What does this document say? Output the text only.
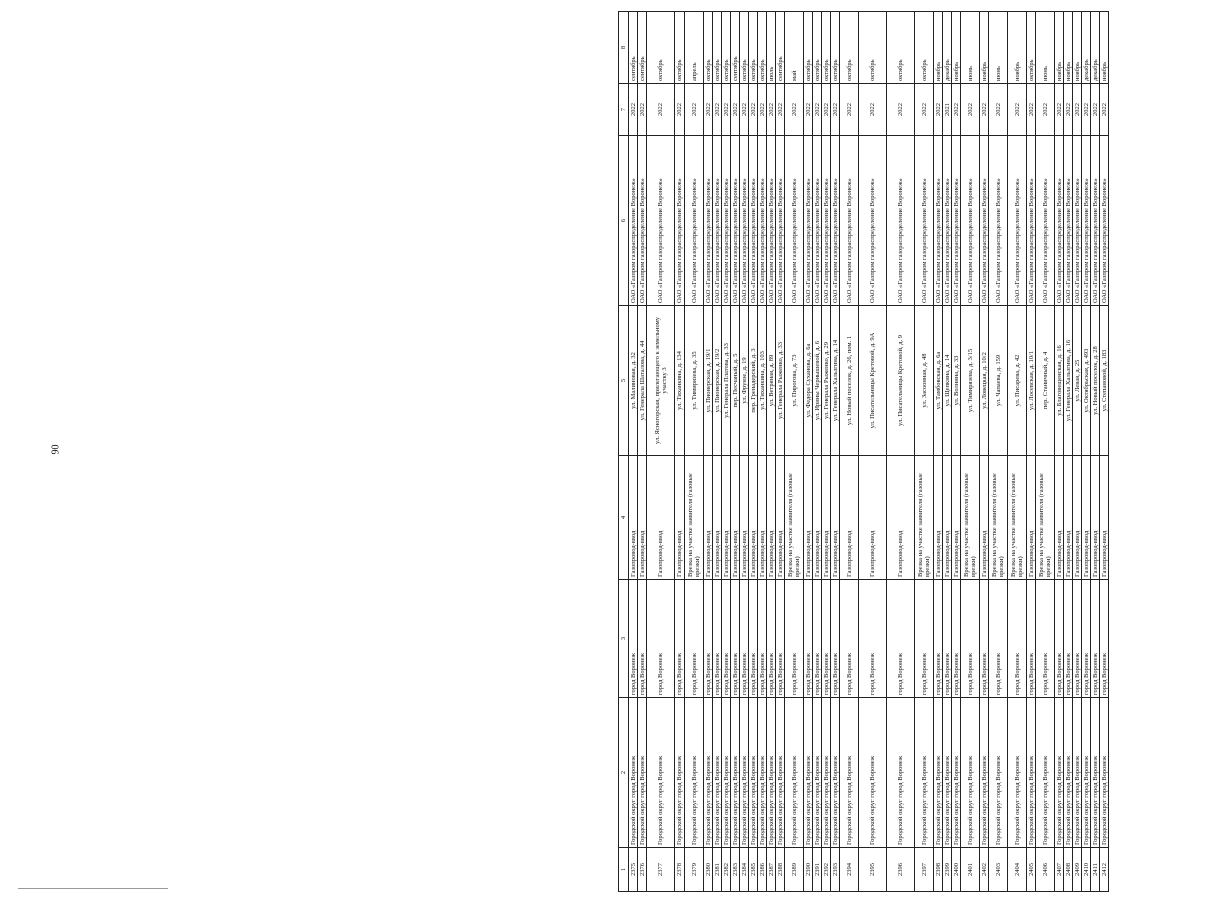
90
1	2	3	4	5	6	7	8
2375	Городской округ город Воронеж	город Воронеж	Газопровод-ввод	ул. Малиновая, д. 32	ОАО «Газпром газораспределение Воронеж»	2022	сентябрь
2376	Городской округ город Воронеж	город Воронеж	Газопровод-ввод	ул. Генерала Шаталова, д. 44	ОАО «Газпром газораспределение Воронеж»	2022	сентябрь
2377	Городской округ город Воронеж	город Воронеж	Газопровод-ввод	ул. Ясногорская, прилегающего к земельному участку 3	ОАО «Газпром газораспределение Воронеж»	2022	октябрь
2378	Городской округ город Воронеж	город Воронеж	Газопровод-ввод	ул. Тиханкина, д. 134	ОАО «Газпром газораспределение Воронеж»	2022	октябрь
2379	Городской округ город Воронеж	город Воронеж	Врезка на участке заявителя (газовые врезки)	ул. Тимирязева, д. 35	ОАО «Газпром газораспределение Воронеж»	2022	апрель
2380	Городской округ город Воронеж	город Воронеж	Газопровод-ввод	ул. Пионерская, д. 19/1	ОАО «Газпром газораспределение Воронеж»	2022	октябрь
2381	Городской округ город Воронеж	город Воронеж	Газопровод-ввод	ул. Пионерская, д. 19/2	ОАО «Газпром газораспределение Воронеж»	2022	октябрь
2382	Городской округ город Воронеж	город Воронеж	Газопровод-ввод	ул. Генерала Платова, д. 33	ОАО «Газпром газораспределение Воронеж»	2022	октябрь
2383	Городской округ город Воронеж	город Воронеж	Газопровод-ввод	пер. Песчаный, д. 5	ОАО «Газпром газораспределение Воронеж»	2022	сентябрь
2384	Городской округ город Воронеж	город Воронеж	Газопровод-ввод	ул. Фрунзе, д. 19	ОАО «Газпром газораспределение Воронеж»	2022	октябрь
2385	Городской округ город Воронеж	город Воронеж	Газопровод-ввод	пер. Гренадерский, д. 3	ОАО «Газпром газораспределение Воронеж»	2022	октябрь
2386	Городской округ город Воронеж	город Воронеж	Газопровод-ввод	ул. Тиханкина, д. 103	ОАО «Газпром газораспределение Воронеж»	2022	октябрь
2387	Городской округ город Воронеж	город Воронеж	Газопровод-ввод	ул. Ветряная, д. 89	ОАО «Газпром газораспределение Воронеж»	2022	июль
2388	Городской округ город Воронеж	город Воронеж	Газопровод-ввод	ул. Генерала Рыженко, д. 33	ОАО «Газпром газораспределение Воронеж»	2022	сентябрь
2389	Городской округ город Воронеж	город Воронеж	Врезка на участке заявителя (газовые врезки)	ул. Пирогова, д. 73	ОАО «Газпром газораспределение Воронеж»	2022	май
2390	Городской округ город Воронеж	город Воронеж	Газопровод-ввод	ул. Федора Суханова, д. 6а	ОАО «Газпром газораспределение Воронеж»	2022	октябрь
2391	Городской округ город Воронеж	город Воронеж	Газопровод-ввод	ул. Ирины Чернышевой, д. 6	ОАО «Газпром газораспределение Воронеж»	2022	октябрь
2392	Городской округ город Воронеж	город Воронеж	Газопровод-ввод	ул. Генерала Рыженко, д. 29	ОАО «Газпром газораспределение Воронеж»	2022	октябрь
2393	Городской округ город Воронеж	город Воронеж	Газопровод-ввод	ул. Генерала Хальзгина, д. 14	ОАО «Газпром газораспределение Воронеж»	2022	октябрь
2394	Городской округ город Воронеж	город Воронеж	Газопровод-ввод	ул. Новый поселок, д. 26, пом. 1	ОАО «Газпром газораспределение Воронеж»	2022	октябрь
2395	Городской округ город Воронеж	город Воронеж	Газопровод-ввод	ул. Писательницы Кретовой, д. 9А	ОАО «Газпром газораспределение Воронеж»	2022	октябрь
2396	Городской округ город Воронеж	город Воронеж	Газопровод-ввод	ул. Писательницы Кретовой, д. 9	ОАО «Газпром газораспределение Воронеж»	2022	октябрь
2397	Городской округ город Воронеж	город Воронеж	Врезка на участке заявителя (газовые врезки)	ул. Засоонная, д. 48	ОАО «Газпром газораспределение Воронеж»	2022	октябрь
2398	Городской округ город Воронеж	город Воронеж	Газопровод-ввод	ул. Тамбовская, д. 6а	ОАО «Газпром газораспределение Воронеж»	2022	ноябрь
2399	Городской округ город Воронеж	город Воронеж	Газопровод-ввод	ул. Щепкина, д. 14	ОАО «Газпром газораспределение Воронеж»	2021	декабрь
2400	Городской округ город Воронеж	город Воронеж	Газопровод-ввод	ул. Волнина, д. 33	ОАО «Газпром газораспределение Воронеж»	2022	ноябрь
2401	Городской округ город Воронеж	город Воронеж	Врезка на участке заявителя (газовые врезки)	ул. Тимирязева, д. 3/15	ОАО «Газпром газораспределение Воронеж»	2022	июнь
2402	Городской округ город Воронеж	город Воронеж	Газопровод-ввод	ул. Ловецкая, д. 10/2	ОАО «Газпром газораспределение Воронеж»	2022	ноябрь
2403	Городской округ город Воронеж	город Воронеж	Врезка на участке заявителя (газовые врезки)	ул. Чапаева, д. 159	ОАО «Газпром газораспределение Воронеж»	2022	июнь
2404	Городской округ город Воронеж	город Воронеж	Врезка на участке заявителя (газовые врезки)	ул. Писарева, д. 42	ОАО «Газпром газораспределение Воронеж»	2022	ноябрь
2405	Городской округ город Воронеж	город Воронеж	Газопровод-ввод	ул. Лосевская, д. 10/1	ОАО «Газпром газораспределение Воронеж»	2022	октябрь
2406	Городской округ город Воронеж	город Воронеж	Врезка на участке заявителя (газовые врезки)	пер. Станичный, д. 4	ОАО «Газпром газораспределение Воронеж»	2022	июнь
2407	Городской округ город Воронеж	город Воронеж	Газопровод-ввод	ул. Благовещенская, д. 16	ОАО «Газпром газораспределение Воронеж»	2022	ноябрь
2408	Городской округ город Воронеж	город Воронеж	Газопровод-ввод	ул. Генерала Хальзгина, д. 16	ОАО «Газпром газораспределение Воронеж»	2022	ноябрь
2409	Городской округ город Воронеж	город Воронеж	Газопровод-ввод	ул. Левая, д. 25	ОАО «Газпром газораспределение Воронеж»	2022	ноябрь
2410	Городской округ город Воронеж	город Воронеж	Газопровод-ввод	ул. Октябрьская, д. 493	ОАО «Газпром газораспределение Воронеж»	2022	декабрь
2411	Городской округ город Воронеж	город Воронеж	Газопровод-ввод	ул. Новый поселок, д. 28	ОАО «Газпром газораспределение Воронеж»	2022	декабрь
2412	Городской округ город Воронеж	город Воронеж	Газопровод-ввод	ул. Степановой, д. 183	ОАО «Газпром газораспределение Воронеж»	2022	ноябрь
